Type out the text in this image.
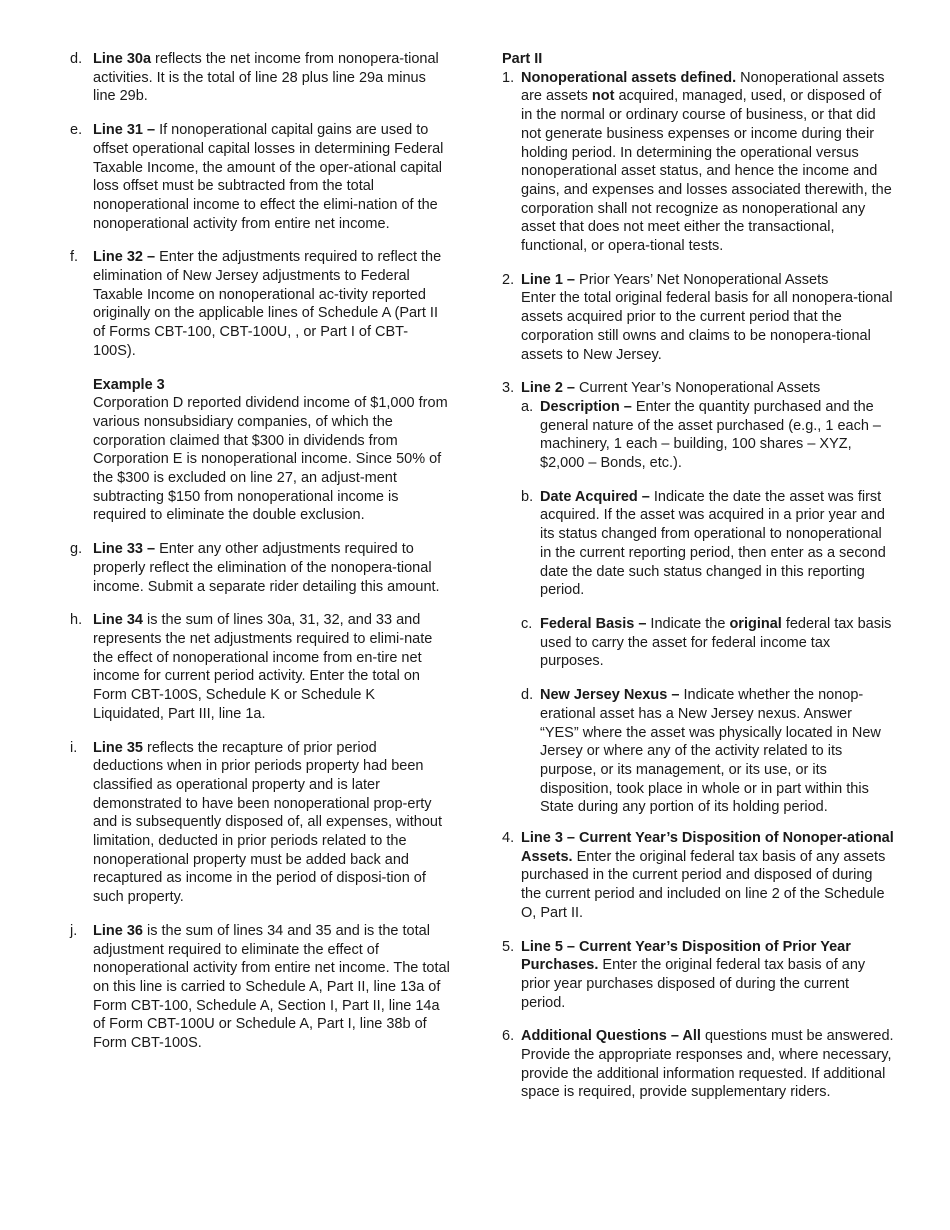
d. Line 30a reflects the net income from nonopera-tional activities. It is the total of line 28 plus line 29a minus line 29b.
e. Line 31 – If nonoperational capital gains are used to offset operational capital losses in determining Federal Taxable Income, the amount of the oper-ational capital loss offset must be subtracted from the total nonoperational income to effect the elimi-nation of the nonoperational activity from entire net income.
f.	Line 32 – Enter the adjustments required to reflect the elimination of New Jersey adjustments to Federal Taxable Income on nonoperational ac-tivity reported originally on the applicable lines of Schedule A (Part II of Forms CBT-100, CBT-100U, , or Part I of CBT-100S).
Example 3
Corporation D reported dividend income of $1,000 from various nonsubsidiary companies, of which the corporation claimed that $300 in dividends from Corporation E is nonoperational income. Since 50% of the $300 is excluded on line 27, an adjust-ment subtracting $150 from nonoperational income is required to eliminate the double exclusion.
g. Line 33 – Enter any other adjustments required to properly reflect the elimination of the nonopera-tional income. Submit a separate rider detailing this amount.
h. Line 34 is the sum of lines 30a, 31, 32, and 33 and represents the net adjustments required to elimi-nate the effect of nonoperational income from en-tire net income for current period activity. Enter the total on Form CBT-100S, Schedule K or Schedule K Liquidated, Part III, line 1a.
i.	Line 35 reflects the recapture of prior period deductions when in prior periods property had been classified as operational property and is later demonstrated to have been nonoperational prop-erty and is subsequently disposed of, all expenses, without limitation, deducted in prior periods related to the nonoperational property must be added back and recaptured as income in the period of disposi-tion of such property.
j.	Line 36 is the sum of lines 34 and 35 and is the total adjustment required to eliminate the effect of nonoperational activity from entire net income. The total on this line is carried to Schedule A, Part II, line 13a of Form CBT-100, Schedule A, Section I, Part II, line 14a of Form CBT-100U or Schedule A, Part I, line 38b of Form CBT-100S.
Part II
1. Nonoperational assets defined. Nonoperational assets are assets not acquired, managed, used, or disposed of in the normal or ordinary course of business, or that did not generate business expenses or income during their holding period. In determining the operational versus nonoperational asset status, and hence the income and gains, and expenses and losses associated therewith, the corporation shall not recognize as nonoperational any asset that does not meet either the transactional, functional, or opera-tional tests.
2. Line 1 – Prior Years’ Net Nonoperational Assets
Enter the total original federal basis for all nonopera-tional assets acquired prior to the current period that the corporation still owns and claims to be nonopera-tional assets to New Jersey.
3. Line 2 – Current Year’s Nonoperational Assets
a. Description – Enter the quantity purchased and the general nature of the asset purchased (e.g., 1 each – machinery, 1 each – building, 100 shares – XYZ, $2,000 – Bonds, etc.).
b. Date Acquired – Indicate the date the asset was first acquired. If the asset was acquired in a prior year and its status changed from operational to nonoperational in the current reporting period, then enter as a second date the date such status changed in this reporting period.
c. Federal Basis – Indicate the original federal tax basis used to carry the asset for federal income tax purposes.
d. New Jersey Nexus – Indicate whether the nonop-erational asset has a New Jersey nexus. Answer “YES” where the asset was physically located in New Jersey or where any of the activity related to its purpose, or its management, or its use, or its disposition, took place in whole or in part within this State during any portion of its holding period.
4. Line 3 – Current Year’s Disposition of Nonoper-ational Assets. Enter the original federal tax basis of any assets purchased in the current period and disposed of during the current period and included on line 2 of the Schedule O, Part II.
5. Line 5 – Current Year’s Disposition of Prior Year Purchases. Enter the original federal tax basis of any prior year purchases disposed of during the current period.
6. Additional Questions – All questions must be answered. Provide the appropriate responses and, where necessary, provide the additional information requested. If additional space is required, provide supplementary riders.
